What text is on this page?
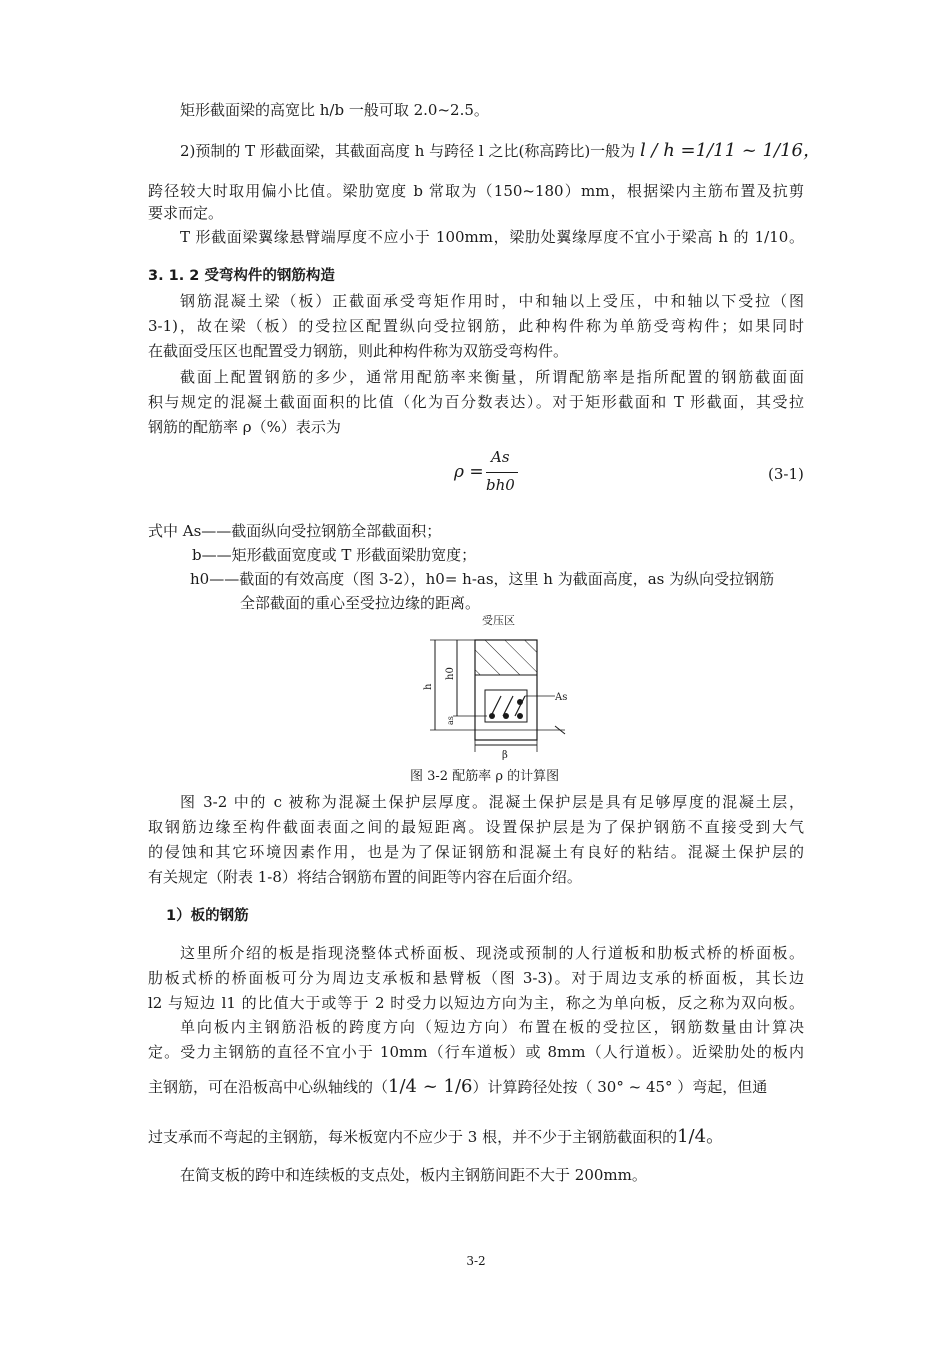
矩形截面梁的高宽比 h/b 一般可取 2.0~2.5。
2)预制的 T 形截面梁，其截面高度 h 与跨径 l 之比(称高跨比)一般为 l / h =1/11 ~ 1/16，
跨径较大时取用偏小比值。梁肋宽度 b 常取为（150~180）mm，根据梁内主筋布置及抗剪
要求而定。
T 形截面梁翼缘悬臂端厚度不应小于 100mm，梁肋处翼缘厚度不宜小于梁高 h 的 1/10。
3. 1. 2 受弯构件的钢筋构造
钢筋混凝土梁（板）正截面承受弯矩作用时，中和轴以上受压，中和轴以下受拉（图
3-1)，故在梁（板）的受拉区配置纵向受拉钢筋，此种构件称为单筋受弯构件；如果同时
在截面受压区也配置受力钢筋，则此种构件称为双筋受弯构件。
截面上配置钢筋的多少，通常用配筋率来衡量，所谓配筋率是指所配置的钢筋截面面
积与规定的混凝土截面面积的比值（化为百分数表达）。对于矩形截面和 T 形截面，其受拉
钢筋的配筋率 ρ（%）表示为
ρ =
As
bh0
(3-1)
式中 As——截面纵向受拉钢筋全部截面积；
b——矩形截面宽度或 T 形截面梁肋宽度；
h0——截面的有效高度（图 3-2），h0= h-as，这里 h 为截面高度，as 为纵向受拉钢筋
全部截面的重心至受拉边缘的距离。
受压区
As
h
h0
as
β
图 3-2 配筋率 ρ 的计算图
图 3-2 中的 c 被称为混凝土保护层厚度。混凝土保护层是具有足够厚度的混凝土层，
取钢筋边缘至构件截面表面之间的最短距离。设置保护层是为了保护钢筋不直接受到大气
的侵蚀和其它环境因素作用，也是为了保证钢筋和混凝土有良好的粘结。混凝土保护层的
有关规定（附表 1-8）将结合钢筋布置的间距等内容在后面介绍。
1）板的钢筋
这里所介绍的板是指现浇整体式桥面板、现浇或预制的人行道板和肋板式桥的桥面板。
肋板式桥的桥面板可分为周边支承板和悬臂板（图 3-3)。对于周边支承的桥面板，其长边
l2 与短边 l1 的比值大于或等于 2 时受力以短边方向为主，称之为单向板，反之称为双向板。
单向板内主钢筋沿板的跨度方向（短边方向）布置在板的受拉区，钢筋数量由计算决
定。受力主钢筋的直径不宜小于 10mm（行车道板）或 8mm（人行道板）。近梁肋处的板内
主钢筋，可在沿板高中心纵轴线的（1/4 ~ 1/6）计算跨径处按（ 30° ~ 45° ）弯起，但通
过支承而不弯起的主钢筋，每米板宽内不应少于 3 根，并不少于主钢筋截面积的1/4。
在简支板的跨中和连续板的支点处，板内主钢筋间距不大于 200mm。
3-2
